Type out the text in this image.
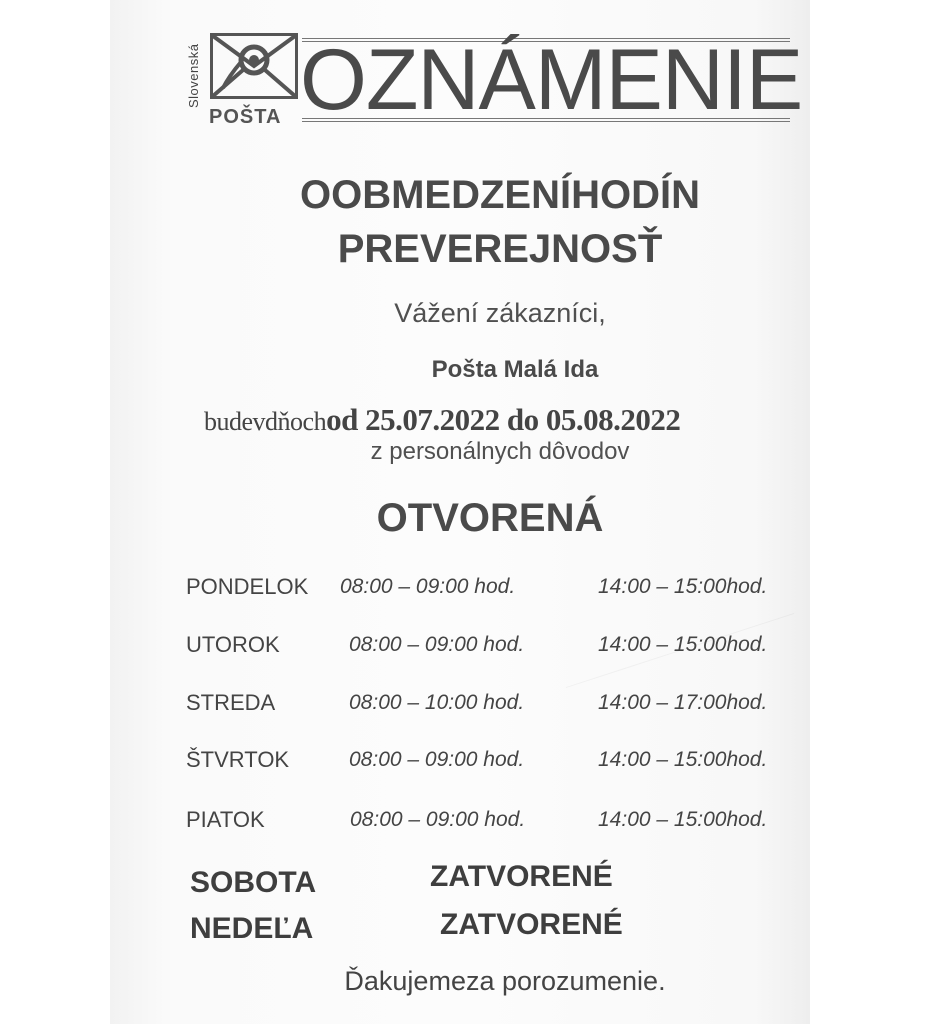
Slovenská
POŠTA OZNÁMENIE
OOBMEDZENÍHODÍN
PREVEREJNOSŤ
Vážení zákazníci,
Pošta Malá Ida
budevdňochod 25.07.2022 do 05.08.2022
z personálnych dôvodov
OTVORENÁ
PONDELOK 08:00 – 09:00 hod.	14:00 – 15:00hod.
UTOROK	08:00 – 09:00 hod.	14:00 – 15:00hod.
STREDA	08:00 – 10:00 hod.	14:00 – 17:00hod.
ŠTVRTOK	08:00 – 09:00 hod.	14:00 – 15:00hod.
PIATOK	08:00 – 09:00 hod.	14:00 – 15:00hod.
SOBOTA	ZATVORENÉ
NEDEĽA	ZATVORENÉ
Ďakujemeza porozumenie.
